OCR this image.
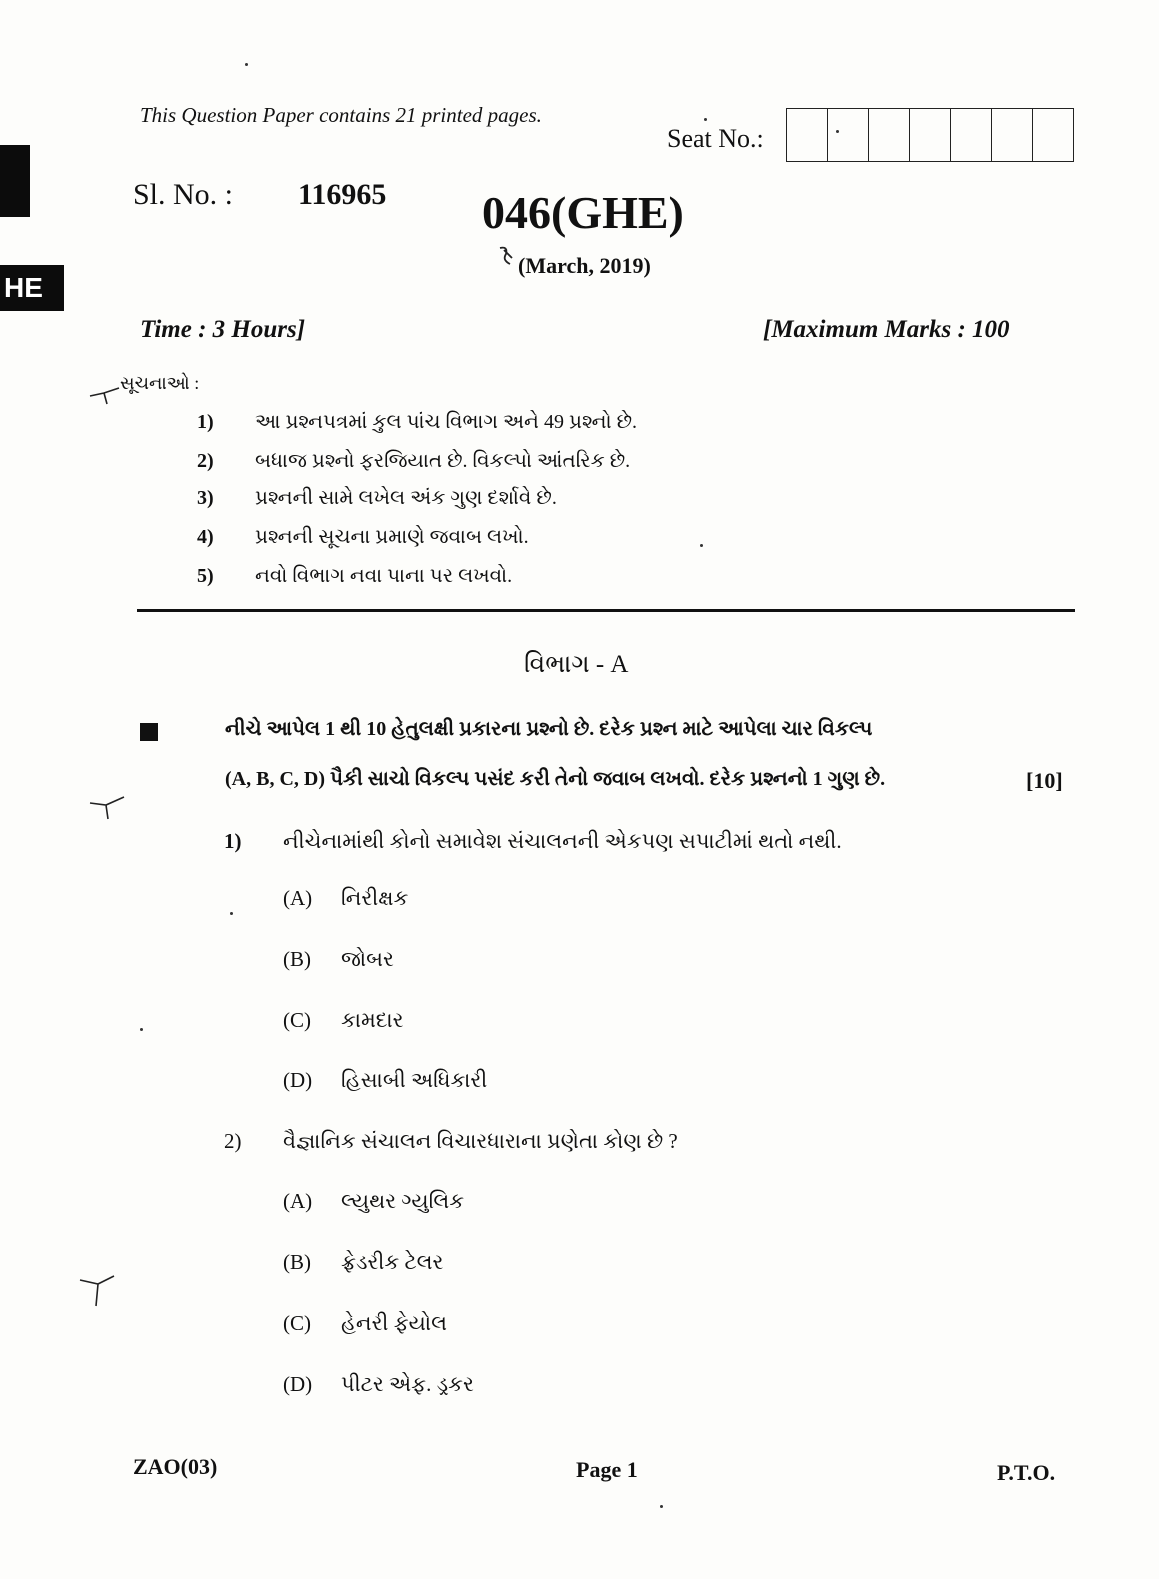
HE
This Question Paper contains 21 printed pages.
Seat No.:
Sl. No. : 116965 046(GHE)
(March, 2019)
Time : 3 Hours]	[Maximum Marks : 100
સૂચનાઓ :
1) આ પ્રશ્નપત્રમાં કુલ પાંચ વિભાગ અને 49 પ્રશ્નો છે.
2) બધાજ પ્રશ્નો ફરજિયાત છે. વિકલ્પો આંતરિક છે.
3) પ્રશ્નની સામે લખેલ અંક ગુણ દર્શાવે છે.
4) પ્રશ્નની સૂચના પ્રમાણે જવાબ લખો.
5) નવો વિભાગ નવા પાના પર લખવો.
વિભાગ - A
નીચે આપેલ 1 થી 10 હેતુલક્ષી પ્રકારના પ્રશ્નો છે. દરેક પ્રશ્ન માટે આપેલા ચાર વિકલ્પ
(A, B, C, D) પૈકી સાચો વિકલ્પ પસંદ કરી તેનો જવાબ લખવો. દરેક પ્રશ્નનો 1 ગુણ છે.	[10]
1) નીચેનામાંથી કોનો સમાવેશ સંચાલનની એકપણ સપાટીમાં થતો નથી.
(A) નિરીક્ષક
(B) જોબર
(C) કામદાર
(D) હિસાબી અધિકારી
2) વૈજ્ઞાનિક સંચાલન વિચારધારાના પ્રણેતા કોણ છે ?
(A) લ્યુથર ગ્યુલિક
(B) ફ્રેડરીક ટેલર
(C) હેનરી ફેયોલ
(D) પીટર એફ. ડ્રકર
ZAO(03)	Page 1	P.T.O.
